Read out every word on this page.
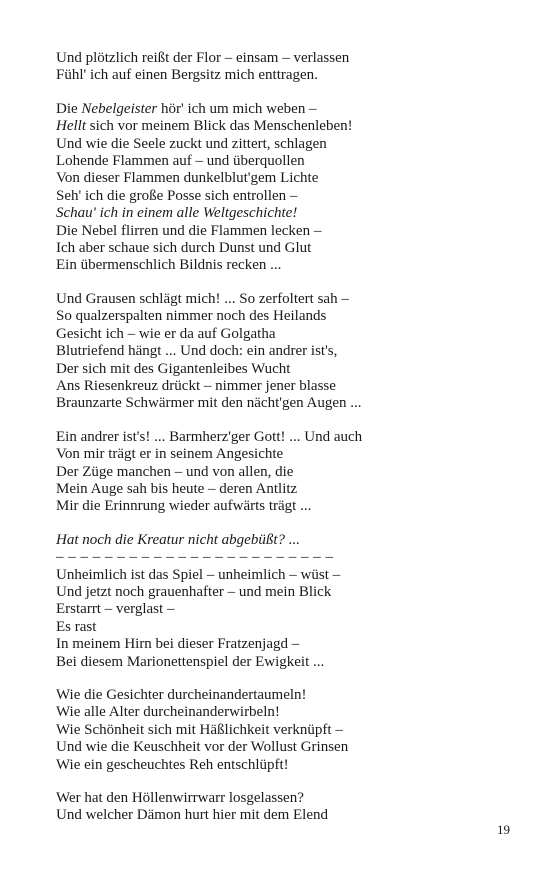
Und plötzlich reißt der Flor – einsam – verlassen
Fühl' ich auf einen Bergsitz mich enttragen.
Die Nebelgeister hör' ich um mich weben –
Hellt sich vor meinem Blick das Menschenleben!
Und wie die Seele zuckt und zittert, schlagen
Lohende Flammen auf – und überquollen
Von dieser Flammen dunkelblut'gem Lichte
Seh' ich die große Posse sich entrollen –
Schau' ich in einem alle Weltgeschichte!
Die Nebel flirren und die Flammen lecken –
Ich aber schaue sich durch Dunst und Glut
Ein übermenschlich Bildnis recken ...
Und Grausen schlägt mich! ... So zerfoltert sah –
So qualzerspalten nimmer noch des Heilands
Gesicht ich – wie er da auf Golgatha
Blutriefend hängt ... Und doch: ein andrer ist's,
Der sich mit des Gigantenleibes Wucht
Ans Riesenkreuz drückt – nimmer jener blasse
Braunzarte Schwärmer mit den nächt'gen Augen ...
Ein andrer ist's! ... Barmherz'ger Gott! ... Und auch
Von mir trägt er in seinem Angesichte
Der Züge manchen – und von allen, die
Mein Auge sah bis heute – deren Antlitz
Mir die Erinnrung wieder aufwärts trägt ...
Hat noch die Kreatur nicht abgebüßt? ...
– – – – – – – – – – – – – – – – – – – – – – –
Unheimlich ist das Spiel – unheimlich – wüst –
Und jetzt noch grauenhafter – und mein Blick
Erstarrt – verglast –
Es rast
In meinem Hirn bei dieser Fratzenjagd –
Bei diesem Marionettenspiel der Ewigkeit ...
Wie die Gesichter durcheinandertaumeln!
Wie alle Alter durcheinanderwirbeln!
Wie Schönheit sich mit Häßlichkeit verknüpft –
Und wie die Keuschheit vor der Wollust Grinsen
Wie ein gescheuchtes Reh entschlüpft!
Wer hat den Höllenwirrwarr losgelassen?
Und welcher Dämon hurt hier mit dem Elend
19
